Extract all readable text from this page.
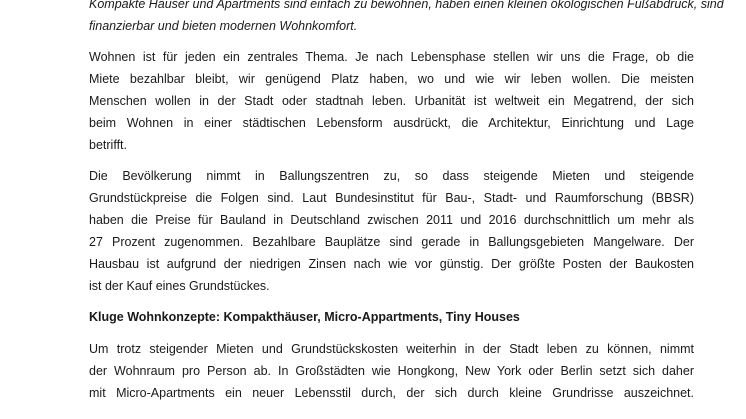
Kompakte Häuser und Apartments sind einfach zu bewohnen, haben einen kleinen ökologischen Fußabdruck, sind
finanzierbar und bieten modernen Wohnkomfort.

Wohnen ist für jeden ein zentrales Thema. Je nach Lebensphase stellen wir uns die Frage, ob die
Miete bezahlbar bleibt, wir genügend Platz haben, wo und wie wir leben wollen. Die meisten
Menschen wollen in der Stadt oder stadtnah leben. Urbanität ist weltweit ein Megatrend, der sich
beim Wohnen in einer städtischen Lebensform ausdrückt, die Architektur, Einrichtung und Lage
betrifft.

Die Bevölkerung nimmt in Ballungszentren zu, so dass steigende Mieten und steigende
Grundstückpreise die Folgen sind. Laut Bundesinstitut für Bau-, Stadt- und Raumforschung (BBSR)
haben die Preise für Bauland in Deutschland zwischen 2011 und 2016 durchschnittlich um mehr als
27 Prozent zugenommen. Bezahlbare Bauplätze sind gerade in Ballungsgebieten Mangelware. Der
Hausbau ist aufgrund der niedrigen Zinsen nach wie vor günstig. Der größte Posten der Baukosten
ist der Kauf eines Grundstückes.

Kluge Wohnkonzepte: Kompakthäuser, Micro-Appartments, Tiny Houses

Um trotz steigender Mieten und Grundstückskosten weiterhin in der Stadt leben zu können, nimmt
der Wohnraum pro Person ab. In Großstädten wie Hongkong, New York oder Berlin setzt sich daher
mit Micro-Apartments ein neuer Lebensstil durch, der sich durch kleine Grundrisse auszeichnet.
